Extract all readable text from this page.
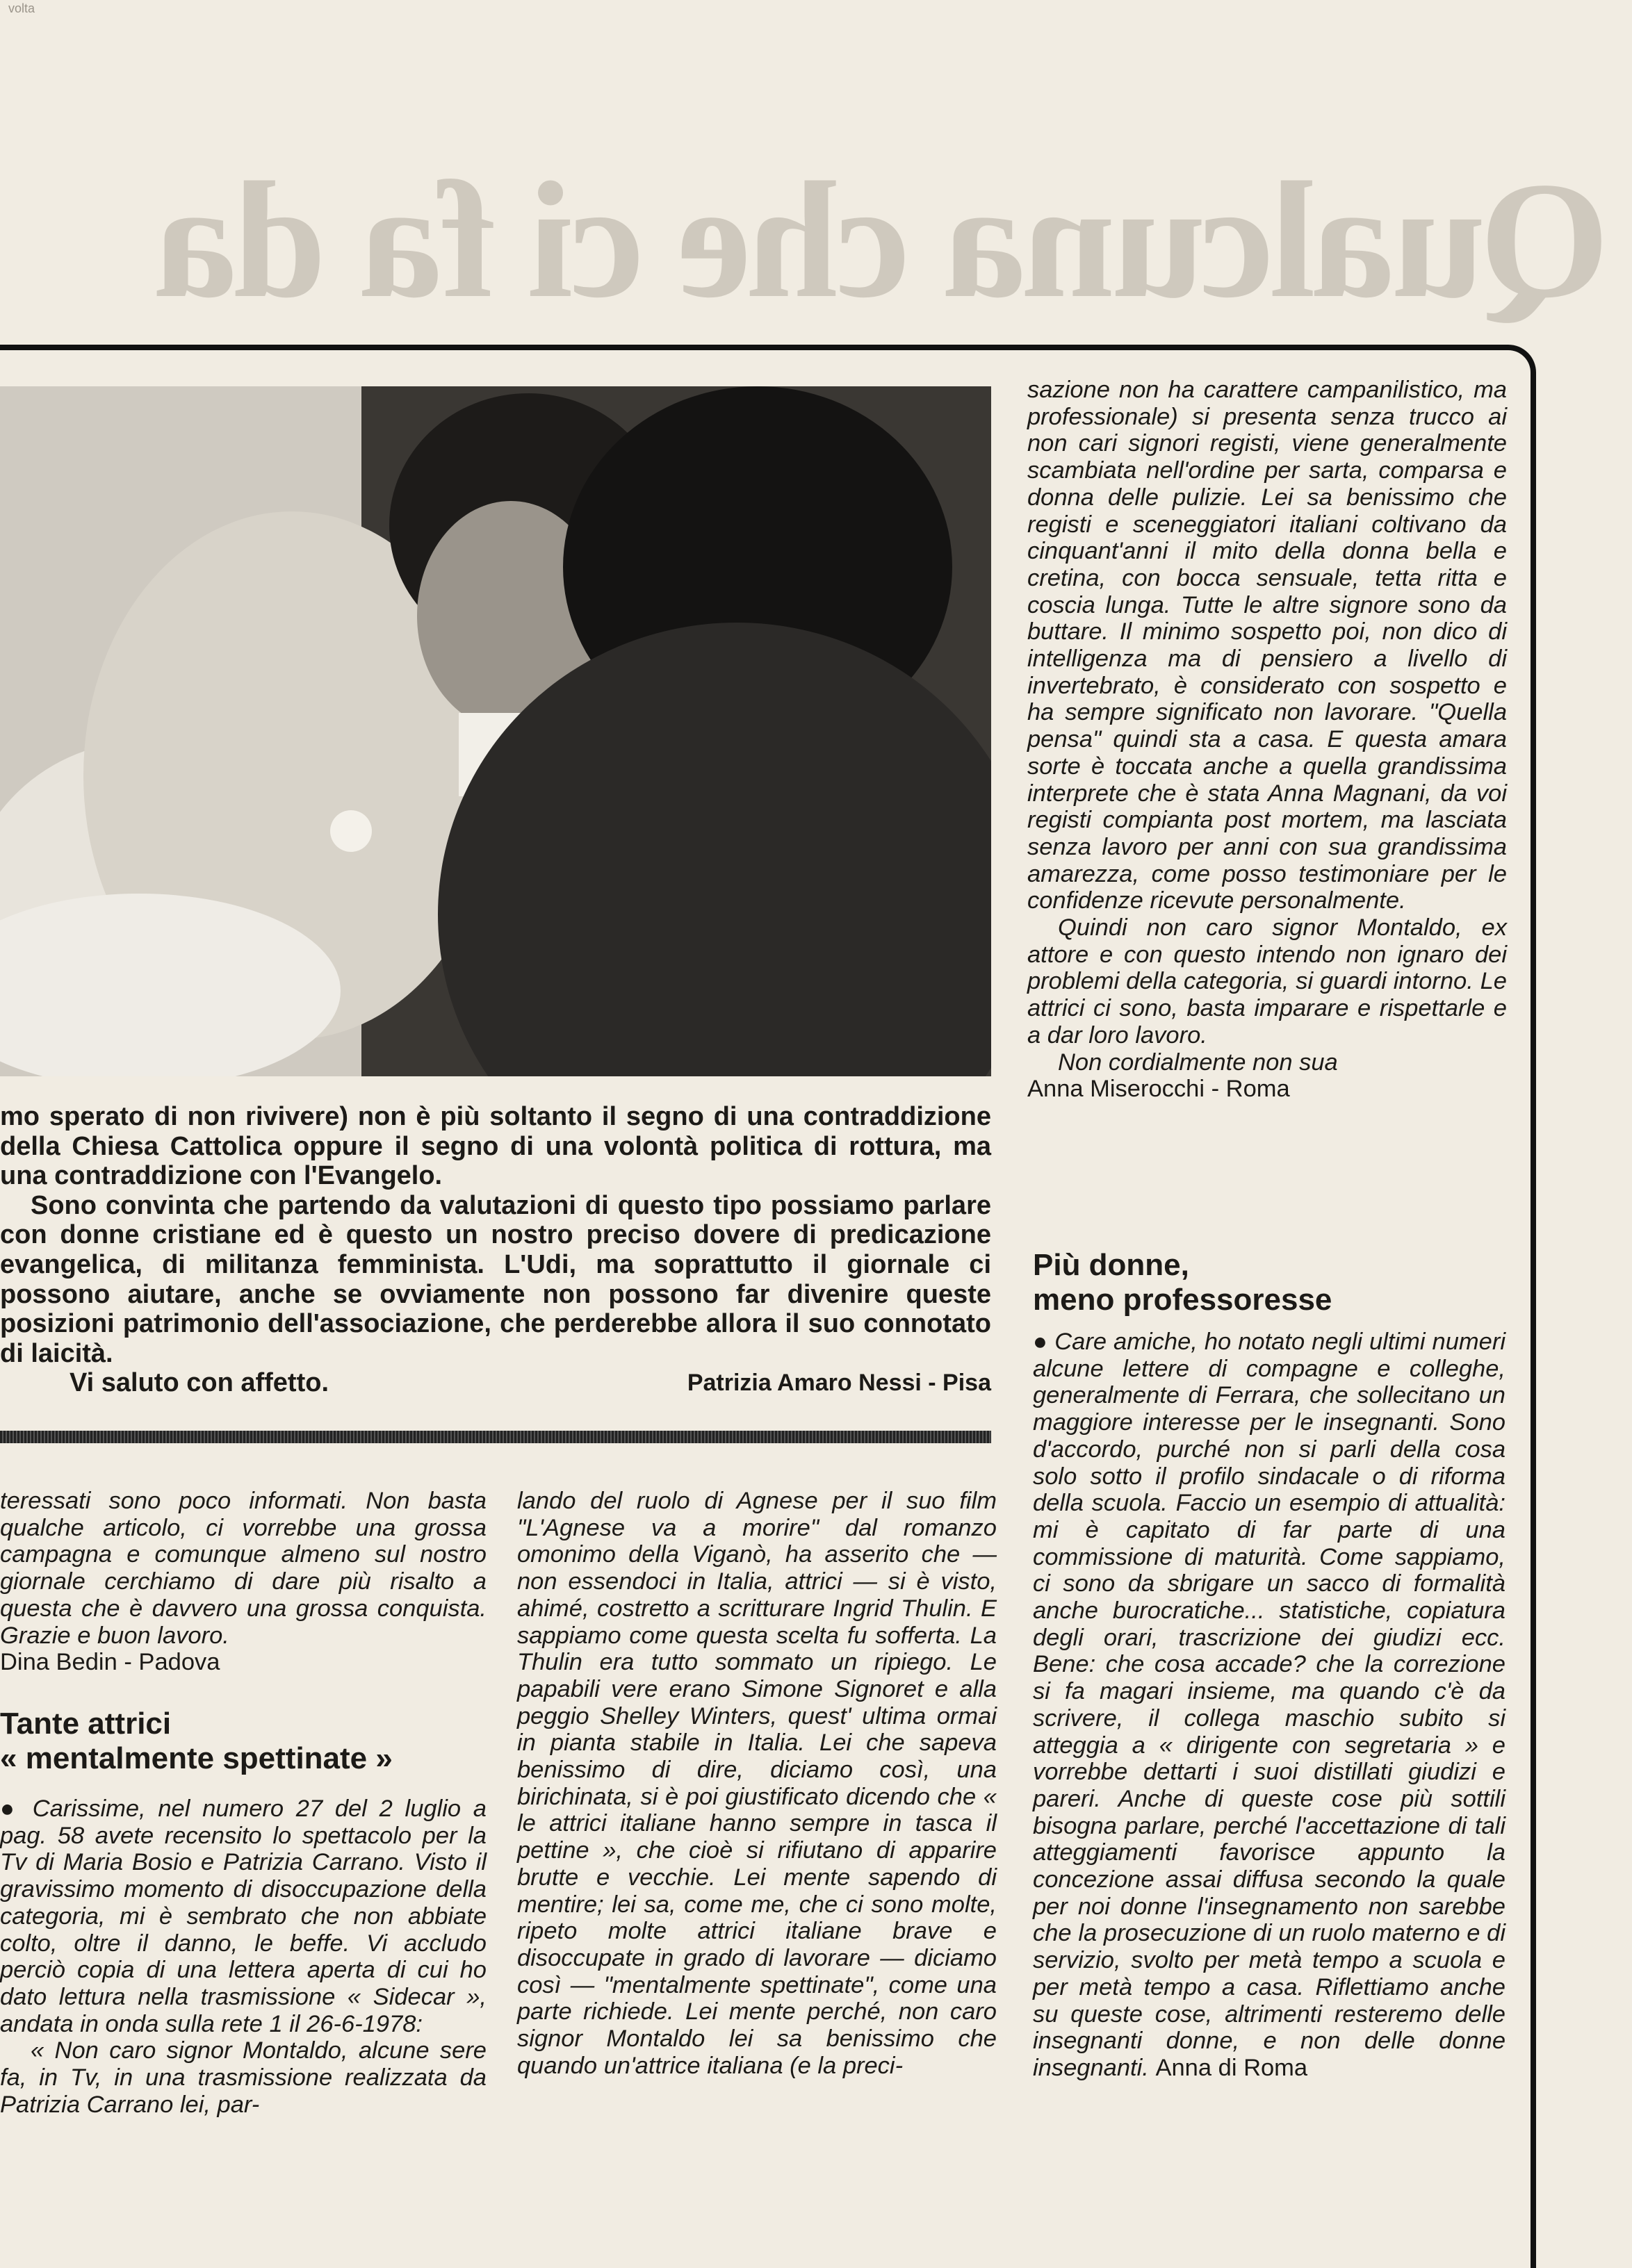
volta
Qualcuna che ci fa da

mo sperato di non rivivere) non è più soltanto il segno di una contraddizione della Chiesa Cattolica oppure il segno di una volontà politica di rottura, ma una contraddizione con l'Evangelo.

Sono convinta che partendo da valutazioni di questo tipo possiamo parlare con donne cristiane ed è questo un nostro preciso dovere di predicazione evangelica, di militanza femminista. L'Udi, ma soprattutto il giornale ci possono aiutare, anche se ovviamente non possono far divenire queste posizioni patrimonio dell'associazione, che perderebbe allora il suo connotato di laicità.

Vi saluto con affetto.	Patrizia Amaro Nessi - Pisa

sazione non ha carattere campanilistico, ma professionale) si presenta senza trucco ai non cari signori registi, viene generalmente scambiata nell'ordine per sarta, comparsa e donna delle pulizie. Lei sa benissimo che registi e sceneggiatori italiani coltivano da cinquant'anni il mito della donna bella e cretina, con bocca sensuale, tetta ritta e coscia lunga. Tutte le altre signore sono da buttare. Il minimo sospetto poi, non dico di intelligenza ma di pensiero a livello di invertebrato, è considerato con sospetto e ha sempre significato non lavorare. "Quella pensa" quindi sta a casa. E questa amara sorte è toccata anche a quella grandissima interprete che è stata Anna Magnani, da voi registi compianta post mortem, ma lasciata senza lavoro per anni con sua grandissima amarezza, come posso testimoniare per le confidenze ricevute personalmente.

Quindi non caro signor Montaldo, ex attore e con questo intendo non ignaro dei problemi della categoria, si guardi intorno. Le attrici ci sono, basta imparare e rispettarle e a dar loro lavoro.

Non cordialmente non sua

Anna Miserocchi - Roma

Più donne,
meno professoresse

● Care amiche, ho notato negli ultimi numeri alcune lettere di compagne e colleghe, generalmente di Ferrara, che sollecitano un maggiore interesse per le insegnanti. Sono d'accordo, purché non si parli della cosa solo sotto il profilo sindacale o di riforma della scuola. Faccio un esempio di attualità: mi è capitato di far parte di una commissione di maturità. Come sappiamo, ci sono da sbrigare un sacco di formalità anche burocratiche... statistiche, copiatura degli orari, trascrizione dei giudizi ecc. Bene: che cosa accade? che la correzione si fa magari insieme, ma quando c'è da scrivere, il collega maschio subito si atteggia a « dirigente con segretaria » e vorrebbe dettarti i suoi distillati giudizi e pareri. Anche di queste cose più sottili bisogna parlare, perché l'accettazione di tali atteggiamenti favorisce appunto la concezione assai diffusa secondo la quale per noi donne l'insegnamento non sarebbe che la prosecuzione di un ruolo materno e di servizio, svolto per metà tempo a scuola e per metà tempo a casa. Riflettiamo anche su queste cose, altrimenti resteremo delle insegnanti donne, e non delle donne insegnanti. Anna di Roma

teressati sono poco informati. Non basta qualche articolo, ci vorrebbe una grossa campagna e comunque almeno sul nostro giornale cerchiamo di dare più risalto a questa che è davvero una grossa conquista. Grazie e buon lavoro.

Dina Bedin - Padova

Tante attrici
« mentalmente spettinate »

● Carissime, nel numero 27 del 2 luglio a pag. 58 avete recensito lo spettacolo per la Tv di Maria Bosio e Patrizia Carrano. Visto il gravissimo momento di disoccupazione della categoria, mi è sembrato che non abbiate colto, oltre il danno, le beffe. Vi accludo perciò copia di una lettera aperta di cui ho dato lettura nella trasmissione « Sidecar », andata in onda sulla rete 1 il 26-6-1978:

« Non caro signor Montaldo, alcune sere fa, in Tv, in una trasmissione realizzata da Patrizia Carrano lei, par-

lando del ruolo di Agnese per il suo film "L'Agnese va a morire" dal romanzo omonimo della Viganò, ha asserito che — non essendoci in Italia, attrici — si è visto, ahimé, costretto a scritturare Ingrid Thulin. E sappiamo come questa scelta fu sofferta. La Thulin era tutto sommato un ripiego. Le papabili vere erano Simone Signoret e alla peggio Shelley Winters, quest' ultima ormai in pianta stabile in Italia. Lei che sapeva benissimo di dire, diciamo così, una birichinata, si è poi giustificato dicendo che « le attrici italiane hanno sempre in tasca il pettine », che cioè si rifiutano di apparire brutte e vecchie. Lei mente sapendo di mentire; lei sa, come me, che ci sono molte, ripeto molte attrici italiane brave e disoccupate in grado di lavorare — diciamo così — "mentalmente spettinate", come una parte richiede. Lei mente perché, non caro signor Montaldo lei sa benissimo che quando un'attrice italiana (e la preci-
